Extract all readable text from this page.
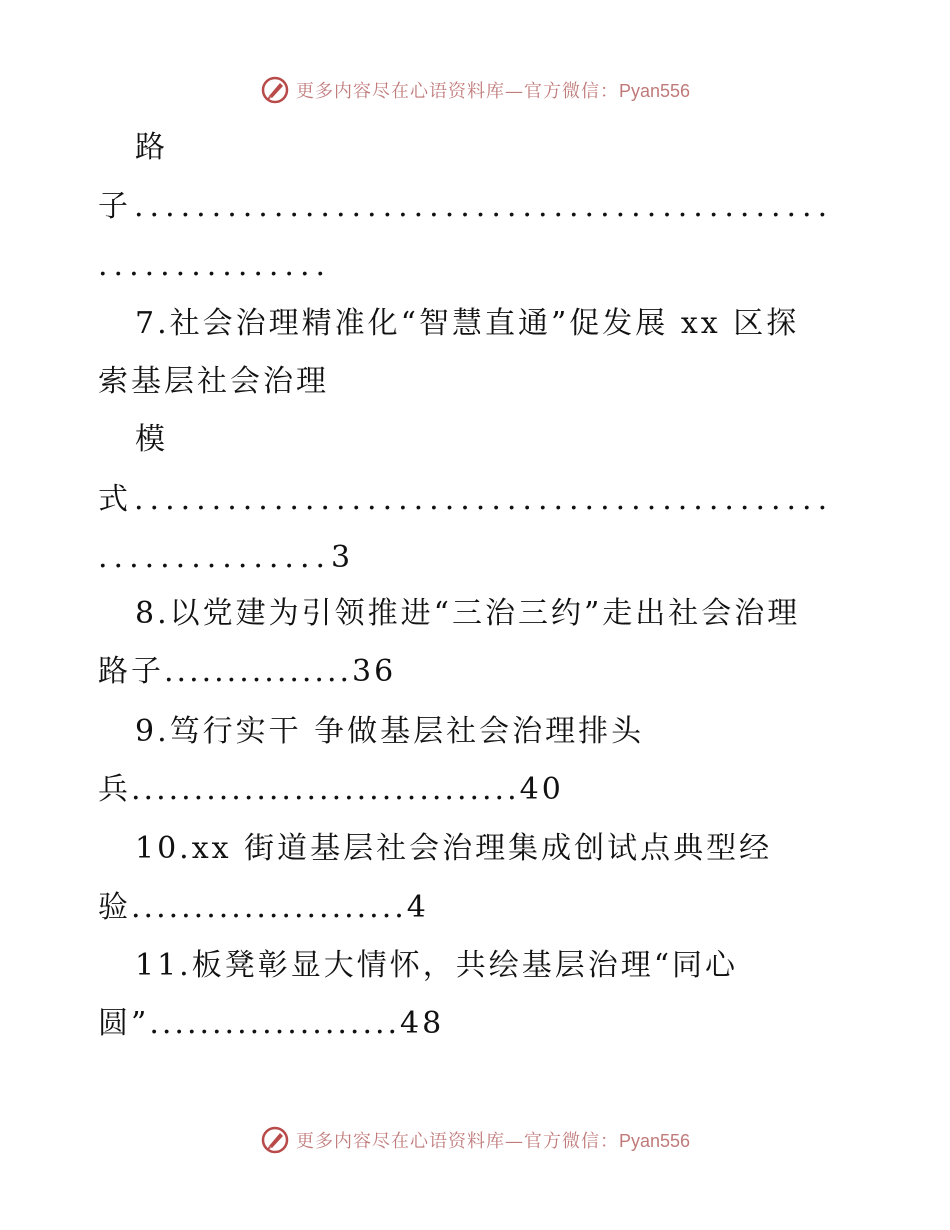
更多内容尽在心语资料库—官方微信：Pyan556
路
子.............................................
...............
7.社会治理精准化“智慧直通”促发展 xx 区探
索基层社会治理
模
式.............................................
...............3
8.以党建为引领推进“三治三约”走出社会治理
路子...............36
9.笃行实干 争做基层社会治理排头
兵...............................40
10.xx 街道基层社会治理集成创试点典型经
验......................4
11.板凳彰显大情怀，共绘基层治理“同心
圆”....................48
更多内容尽在心语资料库—官方微信：Pyan556
